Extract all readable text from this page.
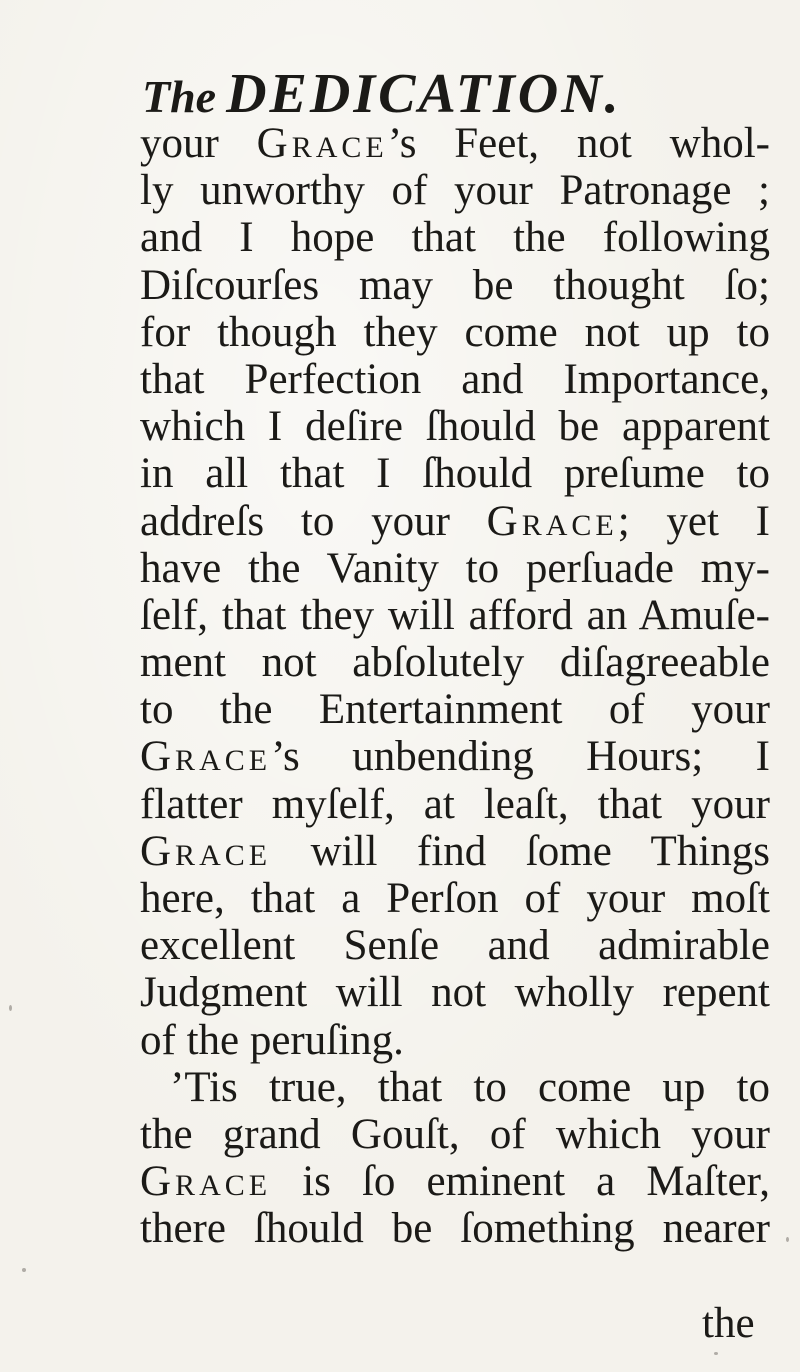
The DEDICATION.
your Grace’s Feet, not whol-
ly unworthy of your Patronage ;
and I hope that the following
Diſcourſes may be thought ſo;
for though they come not up to
that Perfection and Importance,
which I deſire ſhould be apparent
in all that I ſhould preſume to
addreſs to your Grace; yet I
have the Vanity to perſuade my-
ſelf, that they will afford an Amuſe-
ment not abſolutely diſagreeable
to the Entertainment of your
Grace’s unbending Hours; I
flatter myſelf, at leaſt, that your
Grace will find ſome Things
here, that a Perſon of your moſt
excellent Senſe and admirable
Judgment will not wholly repent
of the peruſing.
’Tis true, that to come up to
the grand Gouſt, of which your
Grace is ſo eminent a Maſter,
there ſhould be ſomething nearer
the
